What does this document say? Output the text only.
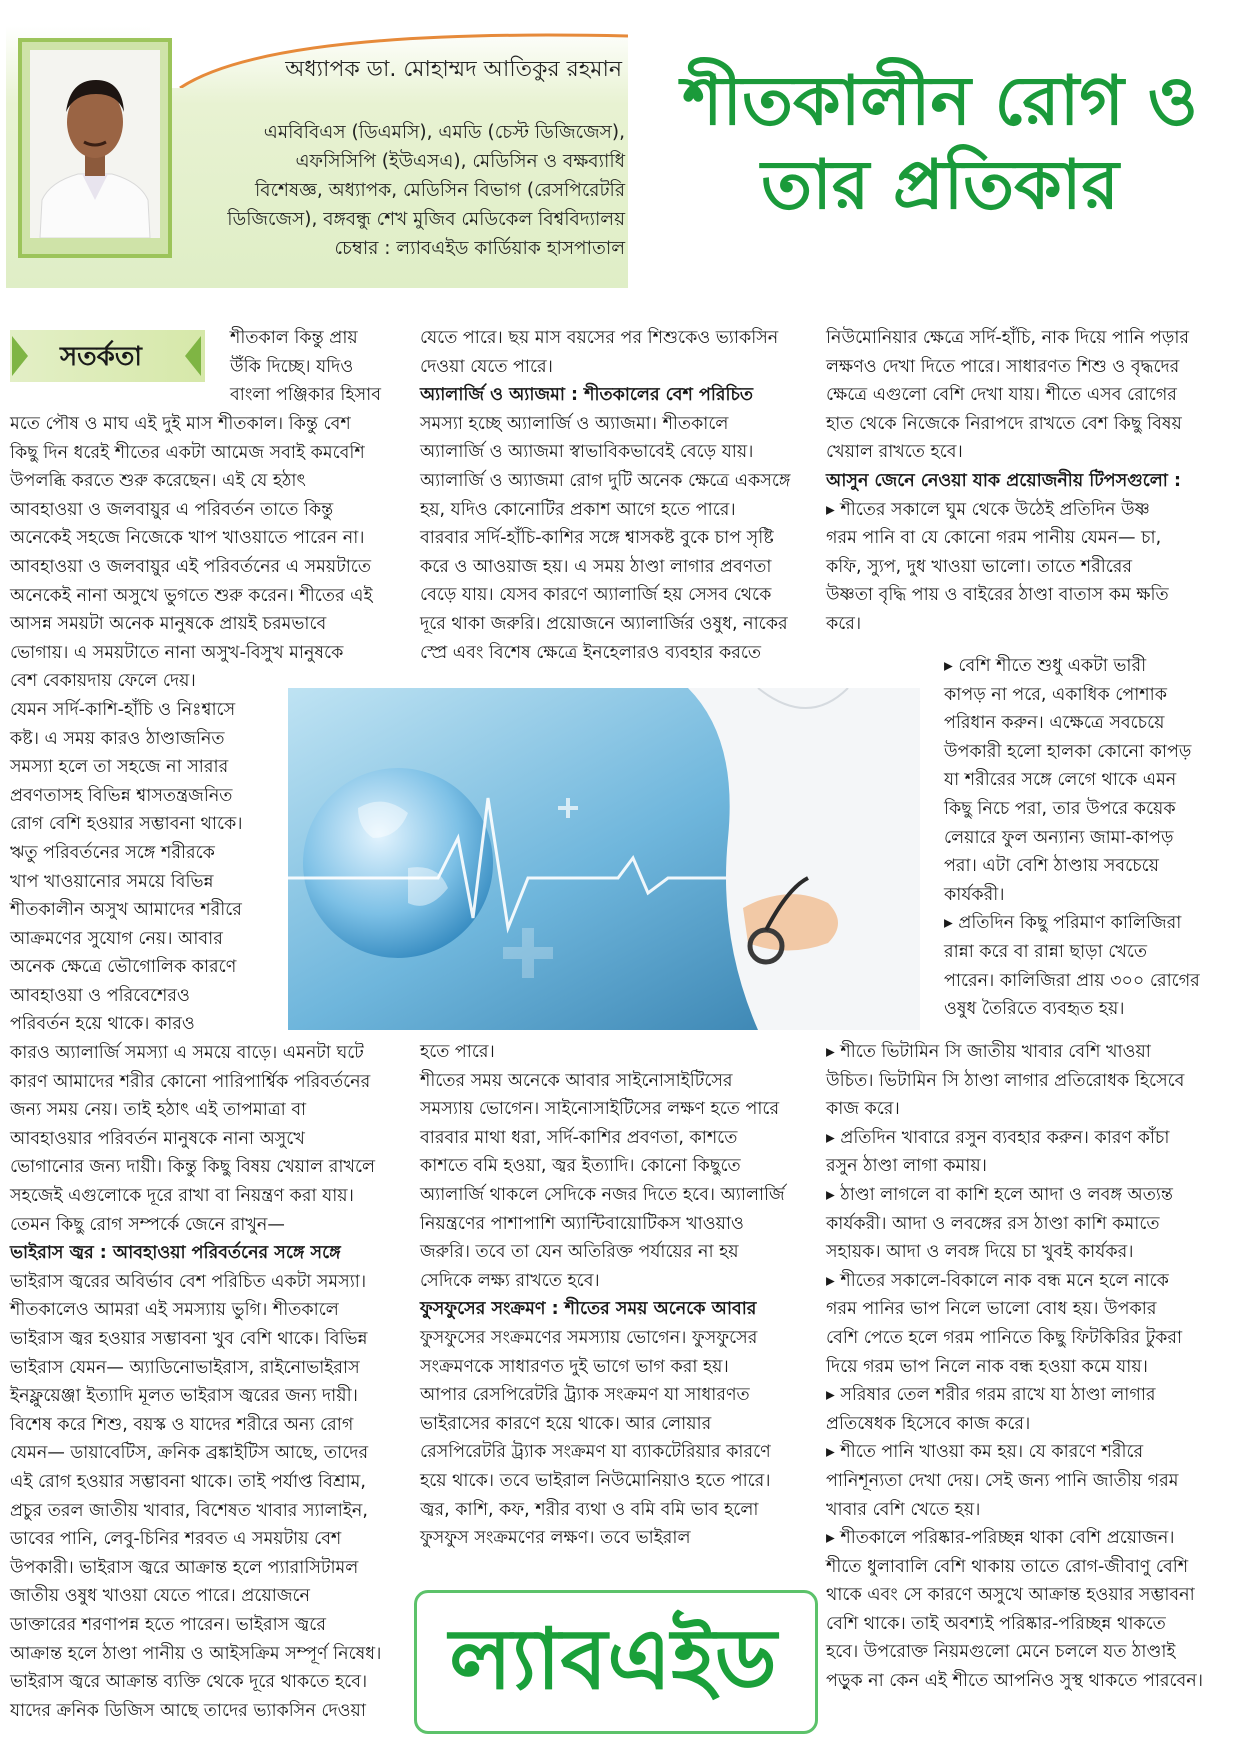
অধ্যাপক ডা. মোহাম্মদ আতিকুর রহমান
এমবিবিএস (ডিএমসি), এমডি (চেস্ট ডিজিজেস),
এফসিসিপি (ইউএসএ), মেডিসিন ও বক্ষব্যাধি
বিশেষজ্ঞ, অধ্যাপক, মেডিসিন বিভাগ (রেসপিরেটরি
ডিজিজেস), বঙ্গবন্ধু শেখ মুজিব মেডিকেল বিশ্ববিদ্যালয়
চেম্বার : ল্যাবএইড কার্ডিয়াক হাসপাতাল
শীতকালীন রোগ ও
তার প্রতিকার
সতর্কতা

শীতকাল কিন্তু প্রায়

উঁকি দিচ্ছে। যদিও

বাংলা পঞ্জিকার হিসাব

মতে পৌষ ও মাঘ এই দুই মাস শীতকাল। কিন্তু বেশ

কিছু দিন ধরেই শীতের একটা আমেজ সবাই কমবেশি

উপলব্ধি করতে শুরু করেছেন। এই যে হঠাৎ

আবহাওয়া ও জলবায়ুর এ পরিবর্তন তাতে কিন্তু

অনেকেই সহজে নিজেকে খাপ খাওয়াতে পারেন না।

আবহাওয়া ও জলবায়ুর এই পরিবর্তনের এ সময়টাতে

অনেকেই নানা অসুখে ভুগতে শুরু করেন। শীতের এই

আসন্ন সময়টা অনেক মানুষকে প্রায়ই চরমভাবে

ভোগায়। এ সময়টাতে নানা অসুখ-বিসুখ মানুষকে

বেশ বেকায়দায় ফেলে দেয়।

যেমন সর্দি-কাশি-হাঁচি ও নিঃশ্বাসে

কষ্ট। এ সময় কারও ঠাণ্ডাজনিত

সমস্যা হলে তা সহজে না সারার

প্রবণতাসহ বিভিন্ন শ্বাসতন্ত্রজনিত

রোগ বেশি হওয়ার সম্ভাবনা থাকে।

ঋতু পরিবর্তনের সঙ্গে শরীরকে

খাপ খাওয়ানোর সময়ে বিভিন্ন

শীতকালীন অসুখ আমাদের শরীরে

আক্রমণের সুযোগ নেয়। আবার

অনেক ক্ষেত্রে ভৌগোলিক কারণে

আবহাওয়া ও পরিবেশেরও

পরিবর্তন হয়ে থাকে। কারও

কারও অ্যালার্জি সমস্যা এ সময়ে বাড়ে। এমনটা ঘটে

কারণ আমাদের শরীর কোনো পারিপার্শ্বিক পরিবর্তনের

জন্য সময় নেয়। তাই হঠাৎ এই তাপমাত্রা বা

আবহাওয়ার পরিবর্তন মানুষকে নানা অসুখে

ভোগানোর জন্য দায়ী। কিন্তু কিছু বিষয় খেয়াল রাখলে

সহজেই এগুলোকে দূরে রাখা বা নিয়ন্ত্রণ করা যায়।

তেমন কিছু রোগ সম্পর্কে জেনে রাখুন—

ভাইরাস জ্বর : আবহাওয়া পরিবর্তনের সঙ্গে সঙ্গে

ভাইরাস জ্বরের অবির্ভাব বেশ পরিচিত একটা সমস্যা।

শীতকালেও আমরা এই সমস্যায় ভুগি। শীতকালে

ভাইরাস জ্বর হওয়ার সম্ভাবনা খুব বেশি থাকে। বিভিন্ন

ভাইরাস যেমন— অ্যাডিনোভাইরাস, রাইনোভাইরাস

ইনফ্লুয়েঞ্জা ইত্যাদি মূলত ভাইরাস জ্বরের জন্য দায়ী।

বিশেষ করে শিশু, বয়স্ক ও যাদের শরীরে অন্য রোগ

যেমন— ডায়াবেটিস, ক্রনিক ব্রঙ্কাইটিস আছে, তাদের

এই রোগ হওয়ার সম্ভাবনা থাকে। তাই পর্যাপ্ত বিশ্রাম,

প্রচুর তরল জাতীয় খাবার, বিশেষত খাবার স্যালাইন,

ডাবের পানি, লেবু-চিনির শরবত এ সময়টায় বেশ

উপকারী। ভাইরাস জ্বরে আক্রান্ত হলে প্যারাসিটামল

জাতীয় ওষুধ খাওয়া যেতে পারে। প্রয়োজনে

ডাক্তারের শরণাপন্ন হতে পারেন। ভাইরাস জ্বরে

আক্রান্ত হলে ঠাণ্ডা পানীয় ও আইসক্রিম সম্পূর্ণ নিষেধ।

ভাইরাস জ্বরে আক্রান্ত ব্যক্তি থেকে দূরে থাকতে হবে।

যাদের ক্রনিক ডিজিস আছে তাদের ভ্যাকসিন দেওয়া

যেতে পারে। ছয় মাস বয়সের পর শিশুকেও ভ্যাকসিন

দেওয়া যেতে পারে।

অ্যালার্জি ও অ্যাজমা : শীতকালের বেশ পরিচিত

সমস্যা হচ্ছে অ্যালার্জি ও অ্যাজমা। শীতকালে

অ্যালার্জি ও অ্যাজমা স্বাভাবিকভাবেই বেড়ে যায়।

অ্যালার্জি ও অ্যাজমা রোগ দুটি অনেক ক্ষেত্রে একসঙ্গে

হয়, যদিও কোনোটির প্রকাশ আগে হতে পারে।

বারবার সর্দি-হাঁচি-কাশির সঙ্গে শ্বাসকষ্ট বুকে চাপ সৃষ্টি

করে ও আওয়াজ হয়। এ সময় ঠাণ্ডা লাগার প্রবণতা

বেড়ে যায়। যেসব কারণে অ্যালার্জি হয় সেসব থেকে

দূরে থাকা জরুরি। প্রয়োজনে অ্যালার্জির ওষুধ, নাকের

স্প্রে এবং বিশেষ ক্ষেত্রে ইনহেলারও ব্যবহার করতে

হতে পারে।

শীতের সময় অনেকে আবার সাইনোসাইটিসের

সমস্যায় ভোগেন। সাইনোসাইটিসের লক্ষণ হতে পারে

বারবার মাথা ধরা, সর্দি-কাশির প্রবণতা, কাশতে

কাশতে বমি হওয়া, জ্বর ইত্যাদি। কোনো কিছুতে

অ্যালার্জি থাকলে সেদিকে নজর দিতে হবে। অ্যালার্জি

নিয়ন্ত্রণের পাশাপাশি অ্যান্টিবায়োটিকস খাওয়াও

জরুরি। তবে তা যেন অতিরিক্ত পর্যায়ের না হয়

সেদিকে লক্ষ্য রাখতে হবে।

ফুসফুসের সংক্রমণ : শীতের সময় অনেকে আবার

ফুসফুসের সংক্রমণের সমস্যায় ভোগেন। ফুসফুসের

সংক্রমণকে সাধারণত দুই ভাগে ভাগ করা হয়।

আপার রেসপিরেটরি ট্র্যাক সংক্রমণ যা সাধারণত

ভাইরাসের কারণে হয়ে থাকে। আর লোয়ার

রেসপিরেটরি ট্র্যাক সংক্রমণ যা ব্যাকটেরিয়ার কারণে

হয়ে থাকে। তবে ভাইরাল নিউমোনিয়াও হতে পারে।

জ্বর, কাশি, কফ, শরীর ব্যথা ও বমি বমি ভাব হলো

ফুসফুস সংক্রমণের লক্ষণ। তবে ভাইরাল

ল্যাবএইড

নিউমোনিয়ার ক্ষেত্রে সর্দি-হাঁচি, নাক দিয়ে পানি পড়ার

লক্ষণও দেখা দিতে পারে। সাধারণত শিশু ও বৃদ্ধদের

ক্ষেত্রে এগুলো বেশি দেখা যায়। শীতে এসব রোগের

হাত থেকে নিজেকে নিরাপদে রাখতে বেশ কিছু বিষয়

খেয়াল রাখতে হবে।

আসুন জেনে নেওয়া যাক প্রয়োজনীয় টিপসগুলো :

▸ শীতের সকালে ঘুম থেকে উঠেই প্রতিদিন উষ্ণ

গরম পানি বা যে কোনো গরম পানীয় যেমন— চা,

কফি, স্যুপ, দুধ খাওয়া ভালো। তাতে শরীরের

উষ্ণতা বৃদ্ধি পায় ও বাইরের ঠাণ্ডা বাতাস কম ক্ষতি

করে।

▸ বেশি শীতে শুধু একটা ভারী

কাপড় না পরে, একাধিক পোশাক

পরিধান করুন। এক্ষেত্রে সবচেয়ে

উপকারী হলো হালকা কোনো কাপড়

যা শরীরের সঙ্গে লেগে থাকে এমন

কিছু নিচে পরা, তার উপরে কয়েক

লেয়ারে ফুল অন্যান্য জামা-কাপড়

পরা। এটা বেশি ঠাণ্ডায় সবচেয়ে

কার্যকরী।

▸ প্রতিদিন কিছু পরিমাণ কালিজিরা

রান্না করে বা রান্না ছাড়া খেতে

পারেন। কালিজিরা প্রায় ৩০০ রোগের

ওষুধ তৈরিতে ব্যবহৃত হয়।

▸ শীতে ভিটামিন সি জাতীয় খাবার বেশি খাওয়া

উচিত। ভিটামিন সি ঠাণ্ডা লাগার প্রতিরোধক হিসেবে

কাজ করে।

▸ প্রতিদিন খাবারে রসুন ব্যবহার করুন। কারণ কাঁচা

রসুন ঠাণ্ডা লাগা কমায়।

▸ ঠাণ্ডা লাগলে বা কাশি হলে আদা ও লবঙ্গ অত্যন্ত

কার্যকরী। আদা ও লবঙ্গের রস ঠাণ্ডা কাশি কমাতে

সহায়ক। আদা ও লবঙ্গ দিয়ে চা খুবই কার্যকর।

▸ শীতের সকালে-বিকালে নাক বন্ধ মনে হলে নাকে

গরম পানির ভাপ নিলে ভালো বোধ হয়। উপকার

বেশি পেতে হলে গরম পানিতে কিছু ফিটকিরির টুকরা

দিয়ে গরম ভাপ নিলে নাক বন্ধ হওয়া কমে যায়।

▸ সরিষার তেল শরীর গরম রাখে যা ঠাণ্ডা লাগার

প্রতিষেধক হিসেবে কাজ করে।

▸ শীতে পানি খাওয়া কম হয়। যে কারণে শরীরে

পানিশূন্যতা দেখা দেয়। সেই জন্য পানি জাতীয় গরম

খাবার বেশি খেতে হয়।

▸ শীতকালে পরিষ্কার-পরিচ্ছন্ন থাকা বেশি প্রয়োজন।

শীতে ধুলাবালি বেশি থাকায় তাতে রোগ-জীবাণু বেশি

থাকে এবং সে কারণে অসুখে আক্রান্ত হওয়ার সম্ভাবনা

বেশি থাকে। তাই অবশ্যই পরিষ্কার-পরিচ্ছন্ন থাকতে

হবে। উপরোক্ত নিয়মগুলো মেনে চললে যত ঠাণ্ডাই

পড়ুক না কেন এই শীতে আপনিও সুস্থ থাকতে পারবেন।
